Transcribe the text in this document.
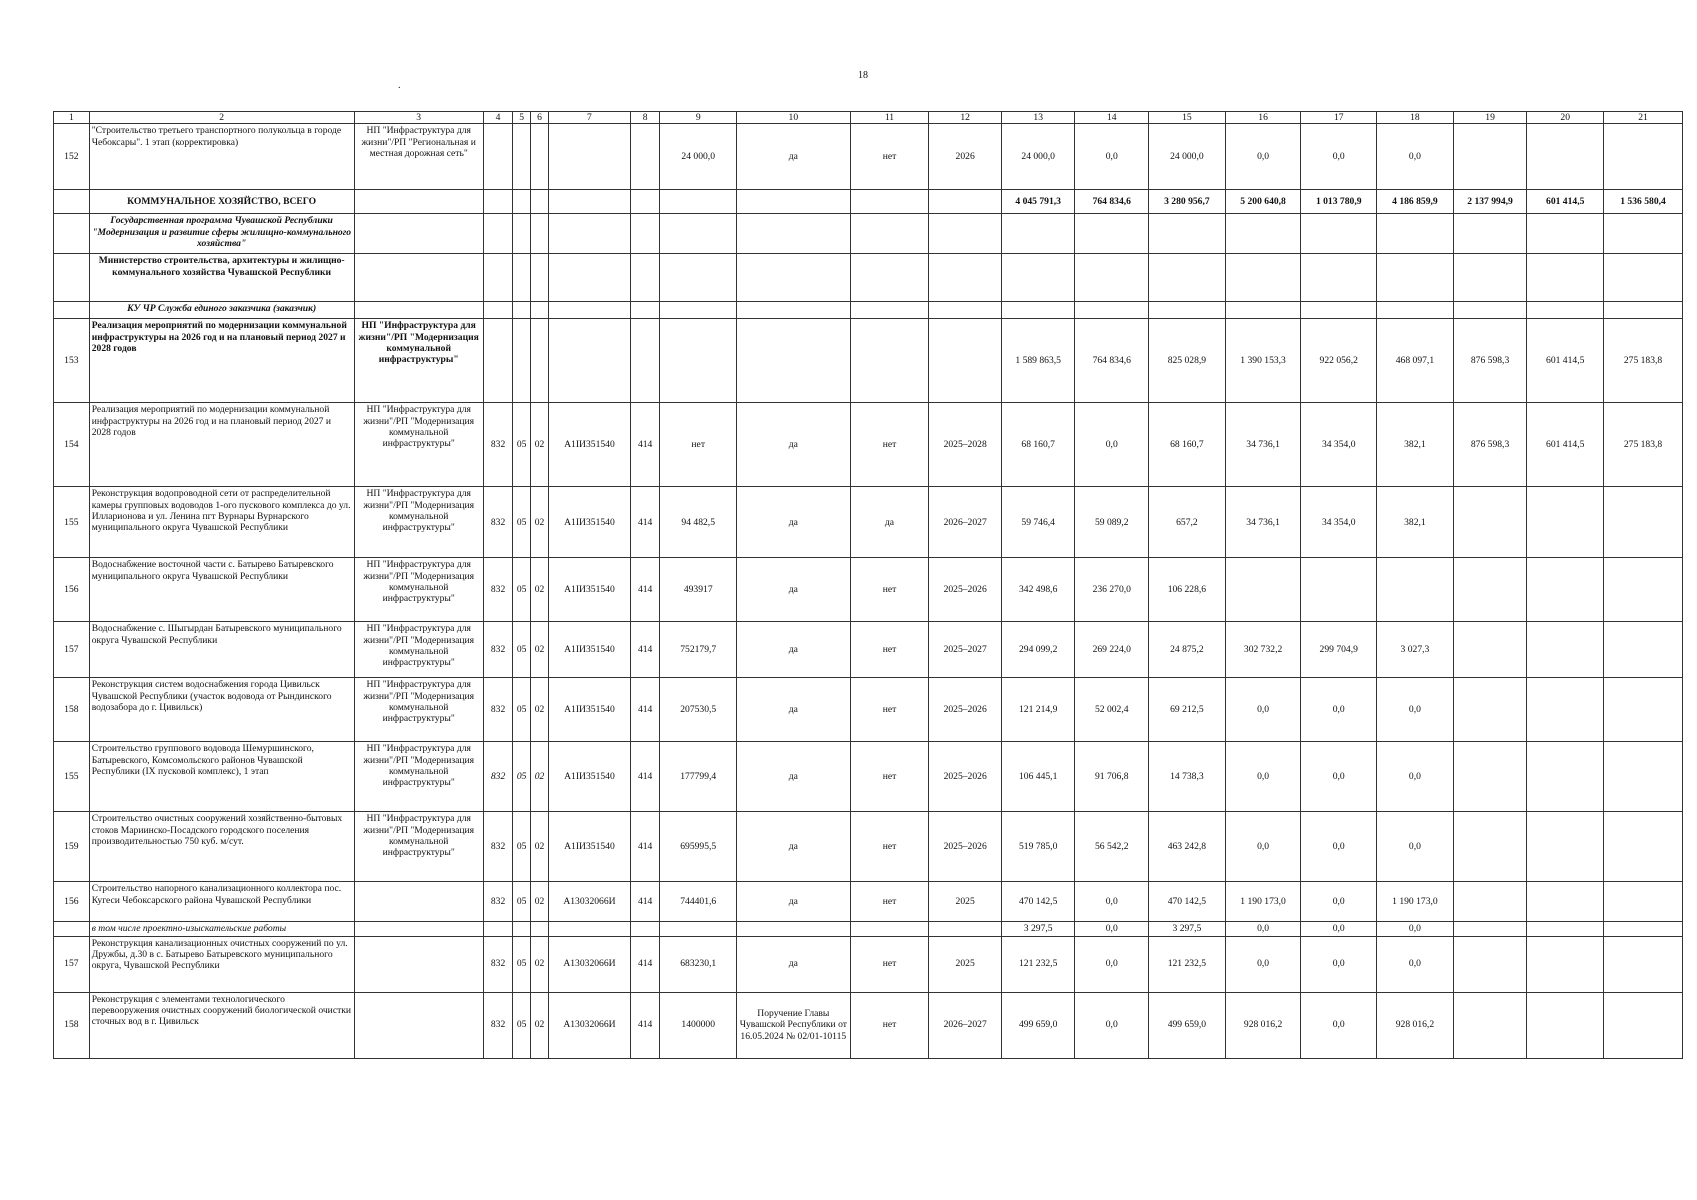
18
.
1	2	3	4	5	6	7	8	9	10	11	12	13	14	15	16	17	18	19	20	21
152	"Строительство третьего транспортного полукольца в городе Чебоксары". 1 этап (корректировка)	НП "Инфраструктура для жизни"/РП "Региональная и местная дорожная сеть"						24 000,0	да	нет	2026	24 000,0	0,0	24 000,0	0,0	0,0	0,0			
	КОММУНАЛЬНОЕ ХОЗЯЙСТВО, ВСЕГО											4 045 791,3	764 834,6	3 280 956,7	5 200 640,8	1 013 780,9	4 186 859,9	2 137 994,9	601 414,5	1 536 580,4
	Государственная программа Чувашской Республики "Модернизация и развитие сферы жилищно-коммунального хозяйства"																			
	Министерство строительства, архитектуры и жилищно-коммунального хозяйства Чувашской Республики																			
	КУ ЧР Служба единого заказчика (заказчик)																			
153	Реализация мероприятий по модернизации коммунальной инфраструктуры на 2026 год и на плановый период 2027 и 2028 годов	НП "Инфраструктура для жизни"/РП "Модернизация коммунальной инфраструктуры"										1 589 863,5	764 834,6	825 028,9	1 390 153,3	922 056,2	468 097,1	876 598,3	601 414,5	275 183,8
154	Реализация мероприятий по модернизации коммунальной инфраструктуры на 2026 год и на плановый период 2027 и 2028 годов	НП "Инфраструктура для жизни"/РП "Модернизация коммунальной инфраструктуры"	832	05	02	А1ІИ351540	414	нет	да	нет	2025–2028	68 160,7	0,0	68 160,7	34 736,1	34 354,0	382,1	876 598,3	601 414,5	275 183,8
155	Реконструкция водопроводной сети от распределительной камеры групповых водоводов 1-ого пускового комплекса до ул. Илларионова и ул. Ленина пгт Вурнары Вурнарского муниципального округа Чувашской Республики	НП "Инфраструктура для жизни"/РП "Модернизация коммунальной инфраструктуры"	832	05	02	А1ІИ351540	414	94 482,5	да	да	2026–2027	59 746,4	59 089,2	657,2	34 736,1	34 354,0	382,1			
156	Водоснабжение восточной части с. Батырево Батыревского муниципального округа Чувашской Республики	НП "Инфраструктура для жизни"/РП "Модернизация коммунальной инфраструктуры"	832	05	02	А1ІИ351540	414	493917	да	нет	2025–2026	342 498,6	236 270,0	106 228,6						
157	Водоснабжение с. Шыгырдан Батыревского муниципального округа Чувашской Республики	НП "Инфраструктура для жизни"/РП "Модернизация коммунальной инфраструктуры"	832	05	02	А1ІИ351540	414	752179,7	да	нет	2025–2027	294 099,2	269 224,0	24 875,2	302 732,2	299 704,9	3 027,3			
158	Реконструкция систем водоснабжения города Цивильск Чувашской Республики (участок водовода от Рындинского водозабора до г. Цивильск)	НП "Инфраструктура для жизни"/РП "Модернизация коммунальной инфраструктуры"	832	05	02	А1ІИ351540	414	207530,5	да	нет	2025–2026	121 214,9	52 002,4	69 212,5	0,0	0,0	0,0			
155	Строительство группового водовода Шемуршинского, Батыревского, Комсомольского районов Чувашской Республики (IX пусковой комплекс), 1 этап	НП "Инфраструктура для жизни"/РП "Модернизация коммунальной инфраструктуры"	832	05	02	А1ІИ351540	414	177799,4	да	нет	2025–2026	106 445,1	91 706,8	14 738,3	0,0	0,0	0,0			
159	Строительство очистных сооружений хозяйственно-бытовых стоков Мариинско-Посадского городского поселения производительностью 750 куб. м/сут.	НП "Инфраструктура для жизни"/РП "Модернизация коммунальной инфраструктуры"	832	05	02	А1ІИ351540	414	695995,5	да	нет	2025–2026	519 785,0	56 542,2	463 242,8	0,0	0,0	0,0			
156	Строительство напорного канализационного коллектора пос. Кугеси Чебоксарского района Чувашской Республики		832	05	02	А13032066И	414	744401,6	да	нет	2025	470 142,5	0,0	470 142,5	1 190 173,0	0,0	1 190 173,0			
	в том числе проектно-изыскательские работы											3 297,5	0,0	3 297,5	0,0	0,0	0,0			
157	Реконструкция канализационных очистных сооружений по ул. Дружбы, д.30 в с. Батырево Батыревского муниципального округа, Чувашской Республики		832	05	02	А13032066И	414	683230,1	да	нет	2025	121 232,5	0,0	121 232,5	0,0	0,0	0,0			
158	Реконструкция с элементами технологического перевооружения очистных сооружений биологической очистки сточных вод в г. Цивильск		832	05	02	А13032066И	414	1400000	Поручение Главы Чувашской Республики от 16.05.2024 № 02/01-10115	нет	2026–2027	499 659,0	0,0	499 659,0	928 016,2	0,0	928 016,2			
